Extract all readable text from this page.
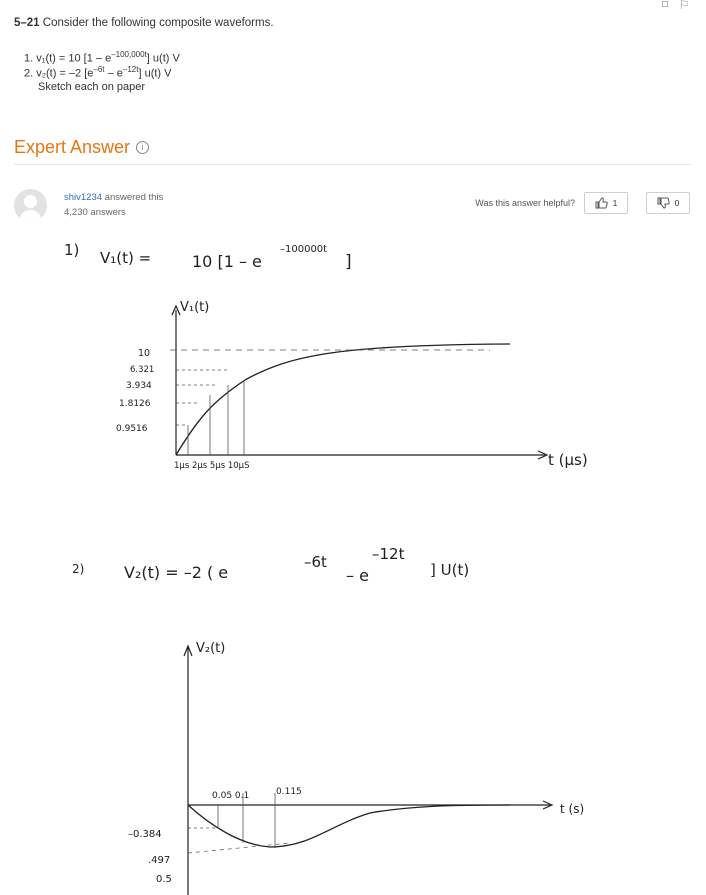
⌑ ⚐
5–21 Consider the following composite waveforms.
1. v₁(t) = 10 $[1 - e^{-100,000t}]$ u(t) V
2. v₂(t) = –2 $[e^{-6t} - e^{-12t}]$ u(t) V
Sketch each on paper
Expert Answer	i
shiv1234 answered this
4,230 answers
Was this answer helpful?	1	0
1) V₁(t) =	10 [1 – e
–100000t
]
V₁(t)
10
6.321
3.934
1.8126
0.9516
1μs 2μs 5μs 10μS	t (μs)
2) V₂(t) = –2 ( e
–6t
– e
–12t
] U(t)
V₂(t)
0.05 0.1	0.115
–0.384
.497
0.5
t (s)
